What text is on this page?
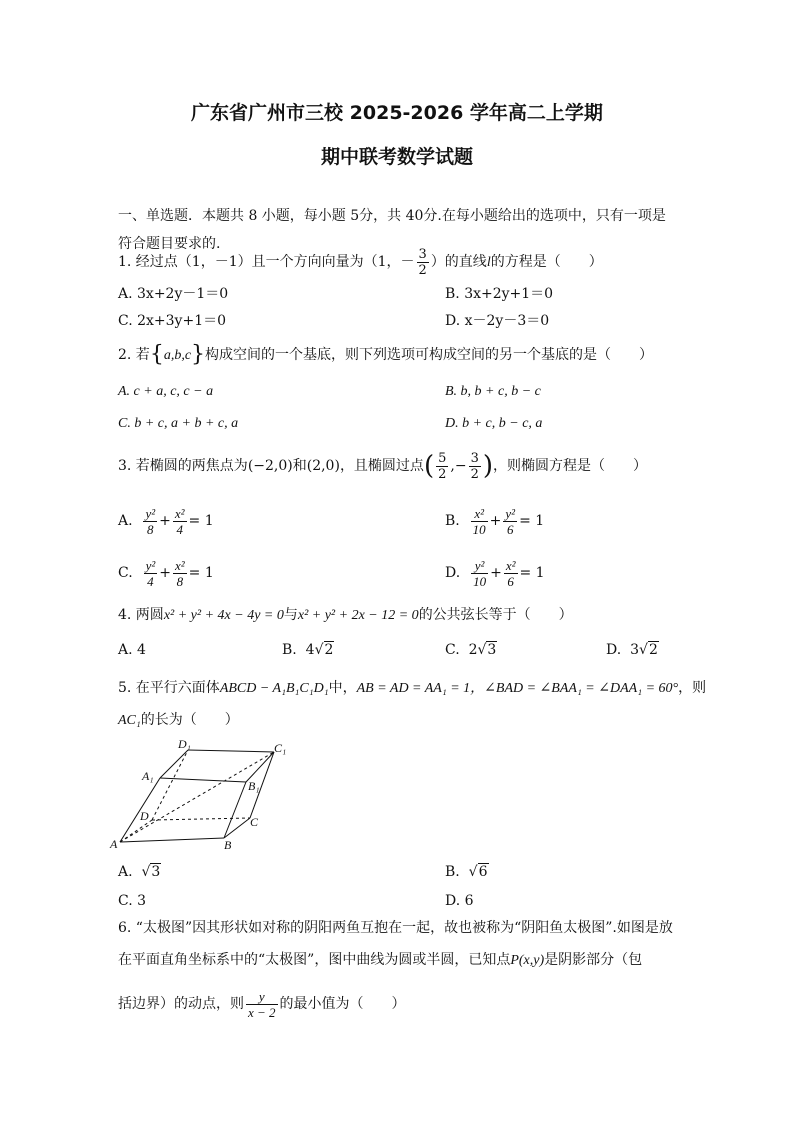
广东省广州市三校 2025-2026 学年高二上学期
期中联考数学试题
一、单选题．本题共 8 小题，每小题 5分，共 40分.在每小题给出的选项中，只有一项是
符合题目要求的.
1. 经过点（1，－1）且一个方向向量为（1，－ $\frac{3}{2}$ ）的直线l的方程是（　　）
A. 3x+2y－1＝0	B. 3x+2y+1＝0
C. 2x+3y+1＝0	D. x－2y－3＝0
2. 若{a,b,c}构成空间的一个基底，则下列选项可构成空间的另一个基底的是（　　）
A. c + a, c, c − a	B. b, b + c, b − c
C. b + c, a + b + c, a	D. b + c, b − c, a
3. 若椭圆的两焦点为(−2,0)和(2,0)，且椭圆过点( $\frac{5}{2}$ ,− $\frac{3}{2}$ )，则椭圆方程是（　　）
A. $\frac{\text{y²}}{8} + \frac{\text{x²}}{4} = 1$	B. $\frac{\text{x²}}{10} + \frac{\text{y²}}{6} = 1$
C. $\frac{\text{y²}}{4} + \frac{\text{x²}}{8} = 1$	D. $\frac{\text{y²}}{10} + \frac{\text{x²}}{6} = 1$
4. 两圆x² + y² + 4x − 4y = 0与x² + y² + 2x − 12 = 0的公共弦长等于（　　）
A. 4	B. 4√2	C. 2√3	D. 3√2
5. 在平行六面体ABCD − A₁B₁C₁D₁中，AB = AD = AA₁ = 1，∠BAD = ∠BAA₁ = ∠DAA₁ = 60°，则
AC₁的长为（　　）
A	B
C
D
A₁
B₁
C₁
D₁
A. √3	B. √6
C. 3	D. 6
6. “太极图”因其形状如对称的阴阳两鱼互抱在一起，故也被称为“阴阳鱼太极图”.如图是放
在平面直角坐标系中的“太极图”，图中曲线为圆或半圆，已知点P(x,y)是阴影部分（包
括边界）的动点，则 $\frac{y}{x - 2}$ 的最小值为（　　）
